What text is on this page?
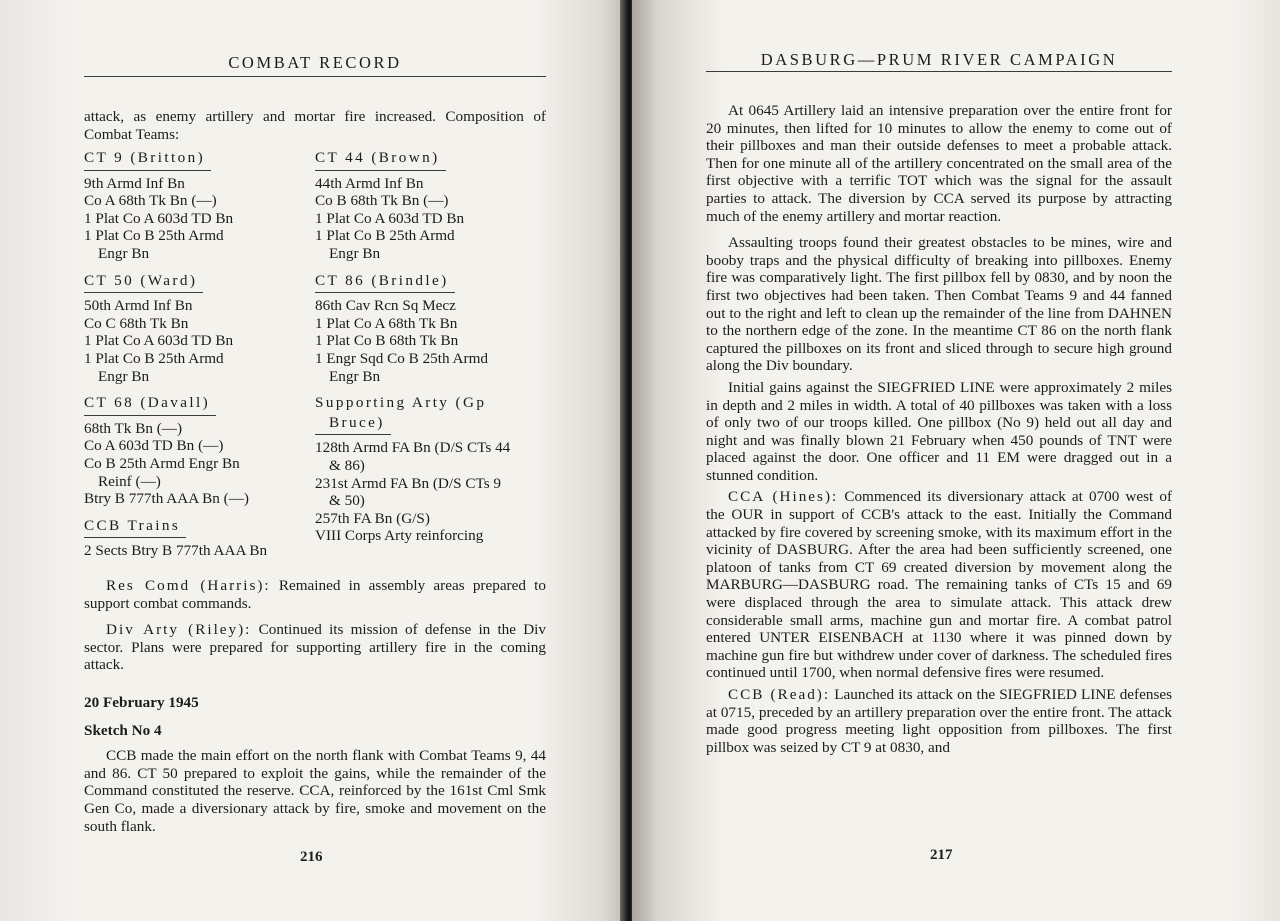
COMBAT RECORD

attack, as enemy artillery and mortar fire increased. Composition of Combat Teams:

CT 9 (Britton)
9th Armd Inf Bn
Co A 68th Tk Bn (—)
1 Plat Co A 603d TD Bn
1 Plat Co B 25th Armd
Engr Bn
CT 50 (Ward)
50th Armd Inf Bn
Co C 68th Tk Bn
1 Plat Co A 603d TD Bn
1 Plat Co B 25th Armd
Engr Bn
CT 68 (Davall)
68th Tk Bn (—)
Co A 603d TD Bn (—)
Co B 25th Armd Engr Bn
Reinf (—)
Btry B 777th AAA Bn (—)
CCB Trains
2 Sects Btry B 777th AAA Bn
CT 44 (Brown)
44th Armd Inf Bn
Co B 68th Tk Bn (—)
1 Plat Co A 603d TD Bn
1 Plat Co B 25th Armd
Engr Bn
CT 86 (Brindle)
86th Cav Rcn Sq Mecz
1 Plat Co A 68th Tk Bn
1 Plat Co B 68th Tk Bn
1 Engr Sqd Co B 25th Armd
Engr Bn
Supporting Arty (Gp
Bruce)
128th Armd FA Bn (D/S CTs 44
& 86)
231st Armd FA Bn (D/S CTs 9
& 50)
257th FA Bn (G/S)
VIII Corps Arty reinforcing

Res Comd (Harris): Remained in assembly areas prepared to support combat commands.

Div Arty (Riley): Continued its mission of defense in the Div sector. Plans were prepared for supporting artillery fire in the coming attack.

20 February 1945

Sketch No 4

CCB made the main effort on the north flank with Combat Teams 9, 44 and 86. CT 50 prepared to exploit the gains, while the remainder of the Command constituted the reserve. CCA, reinforced by the 161st Cml Smk Gen Co, made a diversionary attack by fire, smoke and movement on the south flank.

216
DASBURG—PRUM RIVER CAMPAIGN

At 0645 Artillery laid an intensive preparation over the entire front for 20 minutes, then lifted for 10 minutes to allow the enemy to come out of their pillboxes and man their outside defenses to meet a probable attack. Then for one minute all of the artillery concentrated on the small area of the first objective with a terrific TOT which was the signal for the assault parties to attack. The diversion by CCA served its purpose by attracting much of the enemy artillery and mortar reaction.

Assaulting troops found their greatest obstacles to be mines, wire and booby traps and the physical difficulty of breaking into pillboxes. Enemy fire was comparatively light. The first pillbox fell by 0830, and by noon the first two objectives had been taken. Then Combat Teams 9 and 44 fanned out to the right and left to clean up the remainder of the line from DAHNEN to the northern edge of the zone. In the meantime CT 86 on the north flank captured the pillboxes on its front and sliced through to secure high ground along the Div boundary.

Initial gains against the SIEGFRIED LINE were approximately 2 miles in depth and 2 miles in width. A total of 40 pillboxes was taken with a loss of only two of our troops killed. One pillbox (No 9) held out all day and night and was finally blown 21 February when 450 pounds of TNT were placed against the door. One officer and 11 EM were dragged out in a stunned condition.

CCA (Hines): Commenced its diversionary attack at 0700 west of the OUR in support of CCB's attack to the east. Initially the Command attacked by fire covered by screening smoke, with its maximum effort in the vicinity of DASBURG. After the area had been sufficiently screened, one platoon of tanks from CT 69 created diversion by movement along the MARBURG—DASBURG road. The remaining tanks of CTs 15 and 69 were displaced through the area to simulate attack. This attack drew considerable small arms, machine gun and mortar fire. A combat patrol entered UNTER EISENBACH at 1130 where it was pinned down by machine gun fire but withdrew under cover of darkness. The scheduled fires continued until 1700, when normal defensive fires were resumed.

CCB (Read): Launched its attack on the SIEGFRIED LINE defenses at 0715, preceded by an artillery preparation over the entire front. The attack made good progress meeting light opposition from pillboxes. The first pillbox was seized by CT 9 at 0830, and

217
